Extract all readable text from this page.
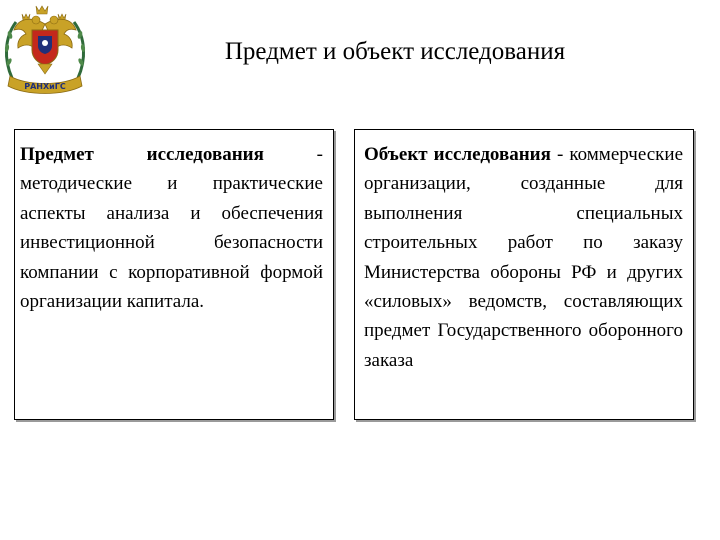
РАНХиГС
Предмет и объект исследования

Предмет исследования - методические и практические аспекты анализа и обеспечения инвестиционной безопасности компании с корпоративной формой организации капитала.

Объект исследования - коммерческие организации, созданные для выполнения специальных строительных работ по заказу Министерства обороны РФ и других «силовых» ведомств, составляющих предмет Государственного оборонного заказа
